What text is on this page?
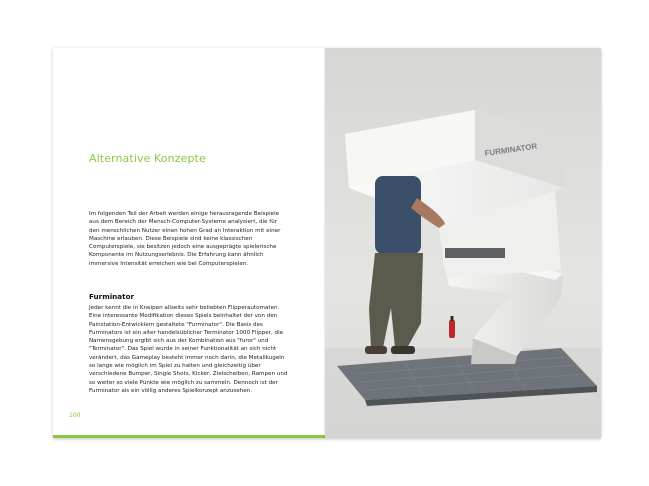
Alternative Konzepte
Im folgenden Teil der Arbeit werden einige herausragende Beispiele aus dem Bereich der Mensch-Computer-Systeme analysiert, die für den menschlichen Nutzer einen hohen Grad an Interaktion mit einer Maschine erlauben. Diese Beispiele sind keine klassischen Computerspiele, sie besitzen jedoch eine ausgeprägte spielerische Komponente im Nutzungserlebnis. Die Erfahrung kann ähnlich immersive Intensität erreichen wie bei Computerspielen.
Furminator
Jeder kennt die in Kneipen allseits sehr beliebten Flipperautomaten. Eine interessante Modifikation dieses Spiels beinhaltet der von den Painstation-Entwicklern gestaltete "Furminator". Die Basis des Furminators ist ein alter handelsüblicher Terminator 1000 Flipper, die Namensgebung ergibt sich aus der Kombination aus "furor" und "Terminator". Das Spiel wurde in seiner Funktionalität an sich nicht verändert, das Gameplay besteht immer noch darin, die Metallkugeln so lange wie möglich im Spiel zu halten und gleichzeitig über verschiedene Bumper, Single Shots, Kicker, Zielscheiben, Rampen und so weiter so viele Punkte wie möglich zu sammeln. Dennoch ist der Furminator als ein völlig anderes Spielkonzept anzusehen.
100
FURMINATOR
